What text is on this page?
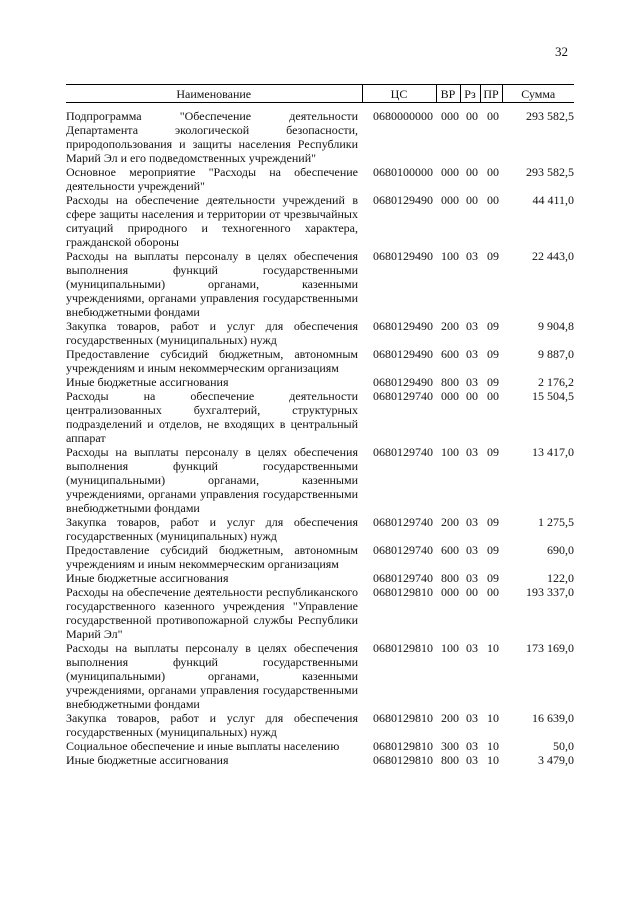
32
Наименование	ЦС	ВР	Рз	ПР	Сумма
Подпрограмма "Обеспечение деятельности Департамента экологической безопасности, природопользования и защиты населения Республики Марий Эл и его подведомственных учреждений"	0680000000	000	00	00	293 582,5
Основное мероприятие "Расходы на обеспечение деятельности учреждений"	0680100000	000	00	00	293 582,5
Расходы на обеспечение деятельности учреждений в сфере защиты населения и территории от чрезвычайных ситуаций природного и техногенного характера, гражданской обороны	0680129490	000	00	00	44 411,0
Расходы на выплаты персоналу в целях обеспечения выполнения функций государственными (муниципальными) органами, казенными учреждениями, органами управления государственными внебюджетными фондами	0680129490	100	03	09	22 443,0
Закупка товаров, работ и услуг для обеспечения государственных (муниципальных) нужд	0680129490	200	03	09	9 904,8
Предоставление субсидий бюджетным, автономным учреждениям и иным некоммерческим организациям	0680129490	600	03	09	9 887,0
Иные бюджетные ассигнования	0680129490	800	03	09	2 176,2
Расходы на обеспечение деятельности централизованных бухгалтерий, структурных подразделений и отделов, не входящих в центральный аппарат	0680129740	000	00	00	15 504,5
Расходы на выплаты персоналу в целях обеспечения выполнения функций государственными (муниципальными) органами, казенными учреждениями, органами управления государственными внебюджетными фондами	0680129740	100	03	09	13 417,0
Закупка товаров, работ и услуг для обеспечения государственных (муниципальных) нужд	0680129740	200	03	09	1 275,5
Предоставление субсидий бюджетным, автономным учреждениям и иным некоммерческим организациям	0680129740	600	03	09	690,0
Иные бюджетные ассигнования	0680129740	800	03	09	122,0
Расходы на обеспечение деятельности республиканского государственного казенного учреждения "Управление государственной противопожарной службы Республики Марий Эл"	0680129810	000	00	00	193 337,0
Расходы на выплаты персоналу в целях обеспечения выполнения функций государственными (муниципальными) органами, казенными учреждениями, органами управления государственными внебюджетными фондами	0680129810	100	03	10	173 169,0
Закупка товаров, работ и услуг для обеспечения государственных (муниципальных) нужд	0680129810	200	03	10	16 639,0
Социальное обеспечение и иные выплаты населению	0680129810	300	03	10	50,0
Иные бюджетные ассигнования	0680129810	800	03	10	3 479,0
